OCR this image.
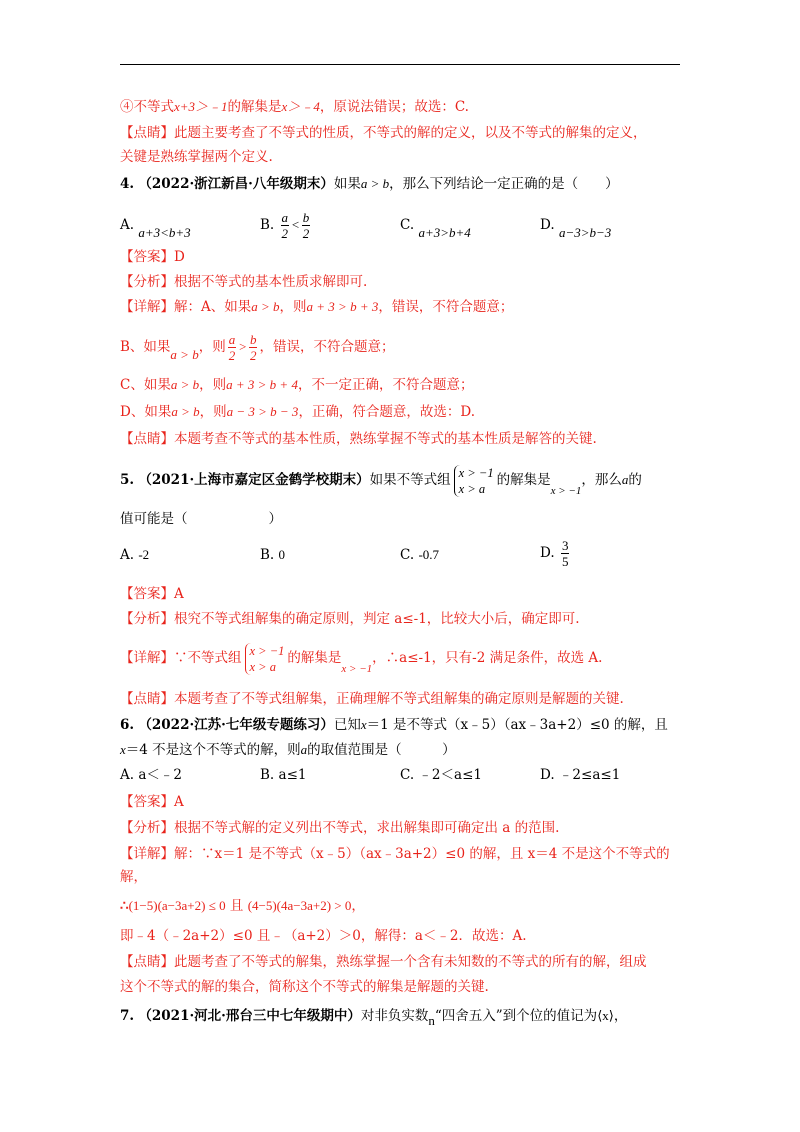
④不等式x+3＞﹣1的解集是x＞﹣4，原说法错误；故选：C.
【点睛】此题主要考查了不等式的性质，不等式的解的定义，以及不等式的解集的定义，
关键是熟练掌握两个定义.
4. （2022·浙江新昌·八年级期末）如果a > b，那么下列结论一定正确的是（　　）
A. a+3<b+3	B. $\frac{a}{2} < \frac{b}{2}$	C. a+3>b+4	D. a−3>b−3
【答案】D
【分析】根据不等式的基本性质求解即可.
【详解】解：A、如果a > b，则a + 3 > b + 3，错误，不符合题意；
B、如果a > b，则 $\frac{a}{2} > \frac{b}{2}$ ，错误，不符合题意；
C、如果a > b，则a + 3 > b + 4，不一定正确，不符合题意；
D、如果a > b，则a − 3 > b − 3，正确，符合题意，故选：D.
【点睛】本题考查不等式的基本性质，熟练掌握不等式的基本性质是解答的关键.
5. （2021·上海市嘉定区金鹤学校期末）如果不等式组 x > −1
x > a
的解集是$_{x > -1}$，那么a的
值可能是（　　　　　　）
A. -2	B. 0	C. -0.7	D. $\frac{3}{5}$
【答案】A
【分析】根究不等式组解集的确定原则，判定 a≤-1，比较大小后，确定即可.
【详解】∵不等式组 x > −1
x > a
的解集是$_{x > -1}$，∴a≤-1，只有-2 满足条件，故选 A.
【点睛】本题考查了不等式组解集，正确理解不等式组解集的确定原则是解题的关键.
6. （2022·江苏·七年级专题练习）已知x＝1 是不等式（x﹣5）（ax﹣3a+2）≤0 的解，且
x＝4 不是这个不等式的解，则a的取值范围是（　　　）
A. a＜﹣2	B. a≤1	C. ﹣2＜a≤1	D. ﹣2≤a≤1
【答案】A
【分析】根据不等式解的定义列出不等式，求出解集即可确定出 a 的范围.
【详解】解：∵x＝1 是不等式（x﹣5）（ax﹣3a+2）≤0 的解，且 x＝4 不是这个不等式的
解，
∴(1−5)(a−3a+2) ≤ 0 且 (4−5)(4a−3a+2) > 0，
即﹣4（﹣2a+2）≤0 且﹣（a+2）＞0，解得：a＜﹣2．故选：A.
【点睛】此题考查了不等式的解集，熟练掌握一个含有未知数的不等式的所有的解，组成
这个不等式的解的集合，简称这个不等式的解集是解题的关键.
7. （2021·河北·邢台三中七年级期中）对非负实数n“四舍五入”到个位的值记为⟨x⟩，
